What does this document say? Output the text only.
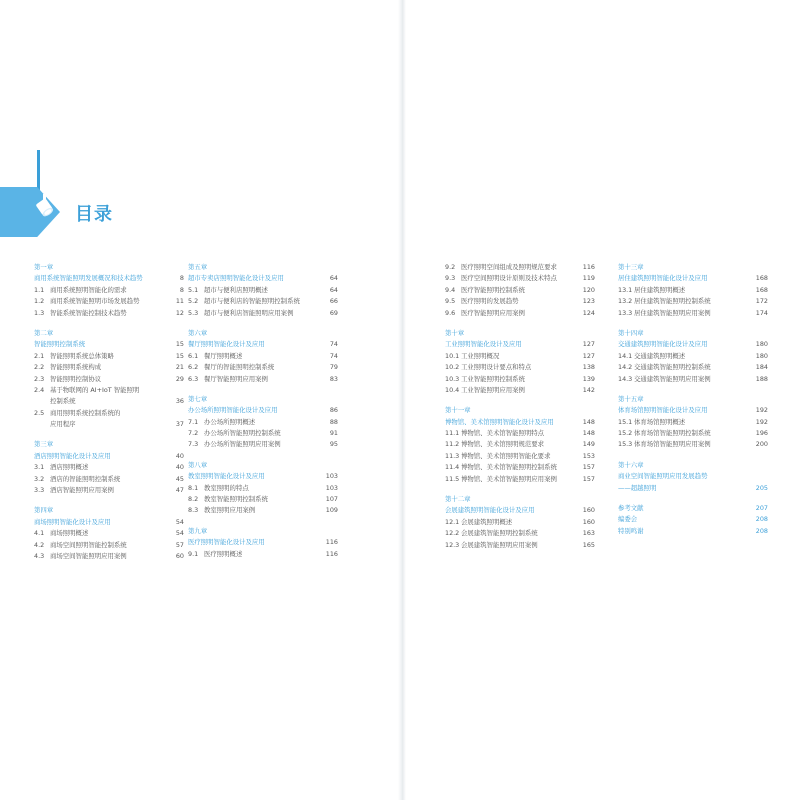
目录
第一章
商用系统智能照明发展概况和技术趋势	8
1.1 商用系统照明智能化的需求	8
1.2 商用系统智能照明市场发展趋势	11
1.3 智能系统智能控制技术趋势	12
第二章
智能照明控制系统	15
2.1 智能照明系统总体策略	15
2.2 智能照明系统构成	21
2.3 智能照明控制协议	29
2.4 基于物联网的 AI+IoT 智能照明
控制系统	36
2.5 商用照明系统控制系统的
应用程序	37
第三章
酒店照明智能化设计及应用	40
3.1 酒店照明概述	40
3.2 酒店的智能照明控制系统	45
3.3 酒店智能照明应用案例	47
第四章
商场照明智能化设计及应用	54
4.1 商场照明概述	54
4.2 商场空间照明智能控制系统	57
4.3 商场空间智能照明应用案例	60
第五章
超市专卖店照明智能化设计及应用	64
5.1 超市与便利店照明概述	64
5.2 超市与便利店的智能照明控制系统	66
5.3 超市与便利店智能照明应用案例	69
第六章
餐厅照明智能化设计及应用	74
6.1 餐厅照明概述	74
6.2 餐厅的智能照明控制系统	79
6.3 餐厅智能照明应用案例	83
第七章
办公场所照明智能化设计及应用	86
7.1 办公场所照明概述	88
7.2 办公场所智能照明控制系统	91
7.3 办公场所智能照明应用案例	95
第八章
教室照明智能化设计及应用	103
8.1 教室照明的特点	103
8.2 教室智能照明控制系统	107
8.3 教室照明应用案例	109
第九章
医疗照明智能化设计及应用	116
9.1 医疗照明概述	116
9.2 医疗照明空间组成及照明规范要求	116
9.3 医疗空间照明设计原则及技术特点	119
9.4 医疗智能照明控制系统	120
9.5 医疗照明的发展趋势	123
9.6 医疗智能照明应用案例	124
第十章
工业照明智能化设计及应用	127
10.1 工业照明概况	127
10.2 工业照明设计要点和特点	138
10.3 工业智能照明控制系统	139
10.4 工业智能照明应用案例	142
第十一章
博物馆、美术馆照明智能化设计及应用	148
11.1 博物馆、美术馆智能照明特点	148
11.2 博物馆、美术馆照明规范要求	149
11.3 博物馆、美术馆照明智能化要求	153
11.4 博物馆、美术馆智能照明控制系统	157
11.5 博物馆、美术馆智能照明应用案例	157
第十二章
会展建筑照明智能化设计及应用	160
12.1 会展建筑照明概述	160
12.2 会展建筑智能照明控制系统	163
12.3 会展建筑智能照明应用案例	165
第十三章
居住建筑照明智能化设计及应用	168
13.1 居住建筑照明概述	168
13.2 居住建筑智能照明控制系统	172
13.3 居住建筑智能照明应用案例	174
第十四章
交通建筑照明智能化设计及应用	180
14.1 交通建筑照明概述	180
14.2 交通建筑智能照明控制系统	184
14.3 交通建筑智能照明应用案例	188
第十五章
体育场馆照明智能化设计及应用	192
15.1 体育场馆照明概述	192
15.2 体育场馆智能照明控制系统	196
15.3 体育场馆智能照明应用案例	200
第十六章
商业空间智能照明应用发展趋势
——超越照明	205
参考文献	207
编委会	208
特别鸣谢	208
